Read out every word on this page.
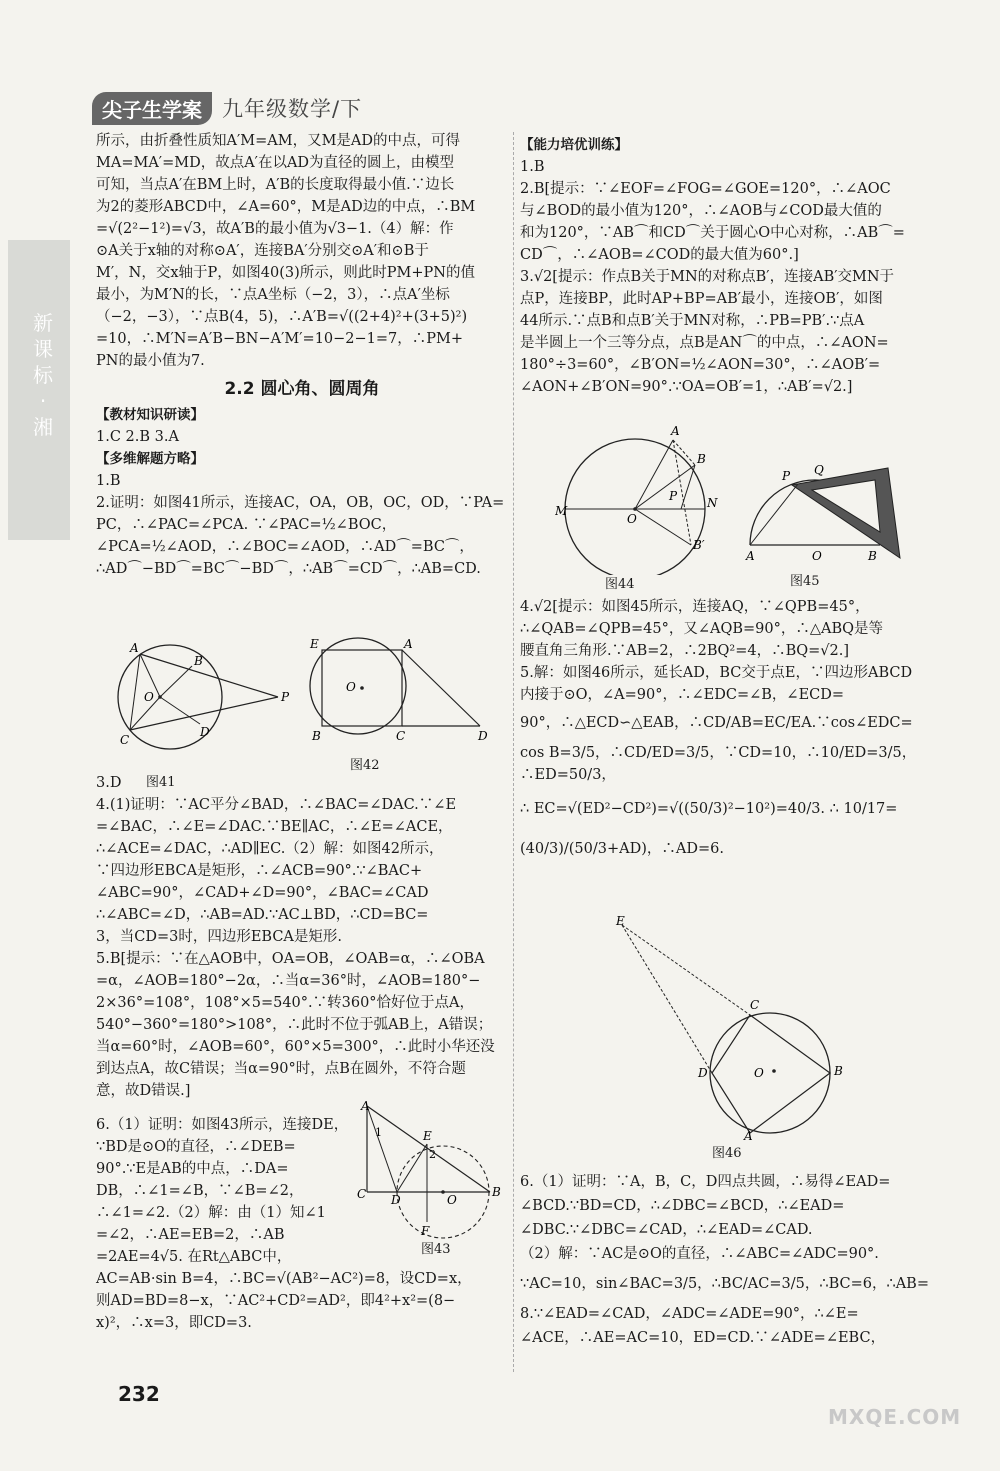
新课标·湘
尖子生学案 九年级数学/下

所示，由折叠性质知A′M=AM，又M是AD的中点，可得

MA=MA′=MD，故点A′在以AD为直径的圆上，由模型

可知，当点A′在BM上时，A′B的长度取得最小值.∵边长

为2的菱形ABCD中，∠A=60°，M是AD边的中点，∴BM

=√(2²−1²)=√3，故A′B的最小值为√3−1.（4）解：作

⊙A关于x轴的对称⊙A′，连接BA′分别交⊙A′和⊙B于

M′，N，交x轴于P，如图40(3)所示，则此时PM+PN的值

最小，为M′N的长，∵点A坐标（−2，3），∴点A′坐标

（−2，−3），∵点B(4，5)，∴A′B=√((2+4)²+(3+5)²)

=10，∴M′N=A′B−BN−A′M′=10−2−1=7，∴PM+

PN的最小值为7.

2.2 圆心角、圆周角

【教材知识研读】

1.C 2.B 3.A

【多维解题方略】

1.B

2.证明：如图41所示，连接AC，OA，OB，OC，OD，∵PA=

PC，∴∠PAC=∠PCA. ∵∠PAC=½∠BOC，

∠PCA=½∠AOD，∴∠BOC=∠AOD，∴AD⌒=BC⌒，

∴AD⌒−BD⌒=BC⌒−BD⌒，∴AB⌒=CD⌒，∴AB=CD.

A
B
O
C
D
P
图41
E	A
O
B	C	D
图42

3.D

4.(1)证明：∵AC平分∠BAD，∴∠BAC=∠DAC.∵∠E

=∠BAC，∴∠E=∠DAC.∵BE∥AC，∴∠E=∠ACE，

∴∠ACE=∠DAC，∴AD∥EC.（2）解：如图42所示，

∵四边形EBCA是矩形，∴∠ACB=90°.∵∠BAC+

∠ABC=90°，∠CAD+∠D=90°，∠BAC=∠CAD

∴∠ABC=∠D，∴AB=AD.∵AC⊥BD，∴CD=BC=

3，当CD=3时，四边形EBCA是矩形.

5.B[提示：∵在△AOB中，OA=OB，∠OAB=α，∴∠OBA

=α，∠AOB=180°−2α，∴当α=36°时，∠AOB=180°−

2×36°=108°，108°×5=540°.∵转360°恰好位于点A，

540°−360°=180°>108°，∴此时不位于弧AB上，A错误；

当α=60°时，∠AOB=60°，60°×5=300°，∴此时小华还没

到达点A，故C错误；当α=90°时，点B在圆外，不符合题

意，故D错误.]

6.（1）证明：如图43所示，连接DE，

∵BD是⊙O的直径，∴∠DEB=

90°.∵E是AB的中点，∴DA=

DB，∴∠1=∠B，∵∠B=∠2，

∴∠1=∠2.（2）解：由（1）知∠1

=∠2，∴AE=EB=2，∴AB

=2AE=4√5. 在Rt△ABC中，

AC=AB·sin B=4，∴BC=√(AB²−AC²)=8，设CD=x，

则AD=BD=8−x，∵AC²+CD²=AD²，即4²+x²=(8−

x)²，∴x=3，即CD=3.

A
1	E
2
C D	O
B
F
图43

【能力培优训练】

1.B

2.B[提示：∵∠EOF=∠FOG=∠GOE=120°，∴∠AOC

与∠BOD的最小值为120°，∴∠AOB与∠COD最大值的

和为120°，∵AB⌒和CD⌒关于圆心O中心对称，∴AB⌒=

CD⌒，∴∠AOB=∠COD的最大值为60°.]

3.√2[提示：作点B关于MN的对称点B′，连接AB′交MN于

点P，连接BP，此时AP+BP=AB′最小，连接OB′，如图

44所示.∵点B和点B′关于MN对称，∴PB=PB′.∵点A

是半圆上一个三等分点，点B是AN⌒的中点，∴∠AON=

180°÷3=60°，∠B′ON=½∠AON=30°，∴∠AOB′=

∠AON+∠B′ON=90°.∵OA=OB′=1，∴AB′=√2.]

A
B
M
P
O
N
B′
图44
P Q
A	O	B
图45

4.√2[提示：如图45所示，连接AQ，∵∠QPB=45°，

∴∠QAB=∠QPB=45°，又∠AQB=90°，∴△ABQ是等

腰直角三角形.∵AB=2，∴2BQ²=4，∴BQ=√2.]

5.解：如图46所示，延长AD，BC交于点E，∵四边形ABCD

内接于⊙O，∠A=90°，∴∠EDC=∠B，∠ECD=

90°，∴△ECD∽△EAB，∴CD/AB=EC/EA.∵cos∠EDC=

cos B=3/5，∴CD/ED=3/5，∵CD=10，∴10/ED=3/5，∴ED=50/3，

∴ EC=√(ED²−CD²)=√((50/3)²−10²)=40/3. ∴ 10/17=

(40/3)/(50/3+AD)，∴AD=6.

E
C
D	O	B
A
图46

6.（1）证明：∵A，B，C，D四点共圆，∴易得∠EAD=

∠BCD.∵BD=CD，∴∠DBC=∠BCD，∴∠EAD=

∠DBC.∵∠DBC=∠CAD，∴∠EAD=∠CAD.

（2）解：∵AC是⊙O的直径，∴∠ABC=∠ADC=90°.

∵AC=10，sin∠BAC=3/5，∴BC/AC=3/5，∴BC=6，∴AB=

8.∵∠EAD=∠CAD，∠ADC=∠ADE=90°，∴∠E=

∠ACE，∴AE=AC=10，ED=CD.∵∠ADE=∠EBC，

232
MXQE.COM
